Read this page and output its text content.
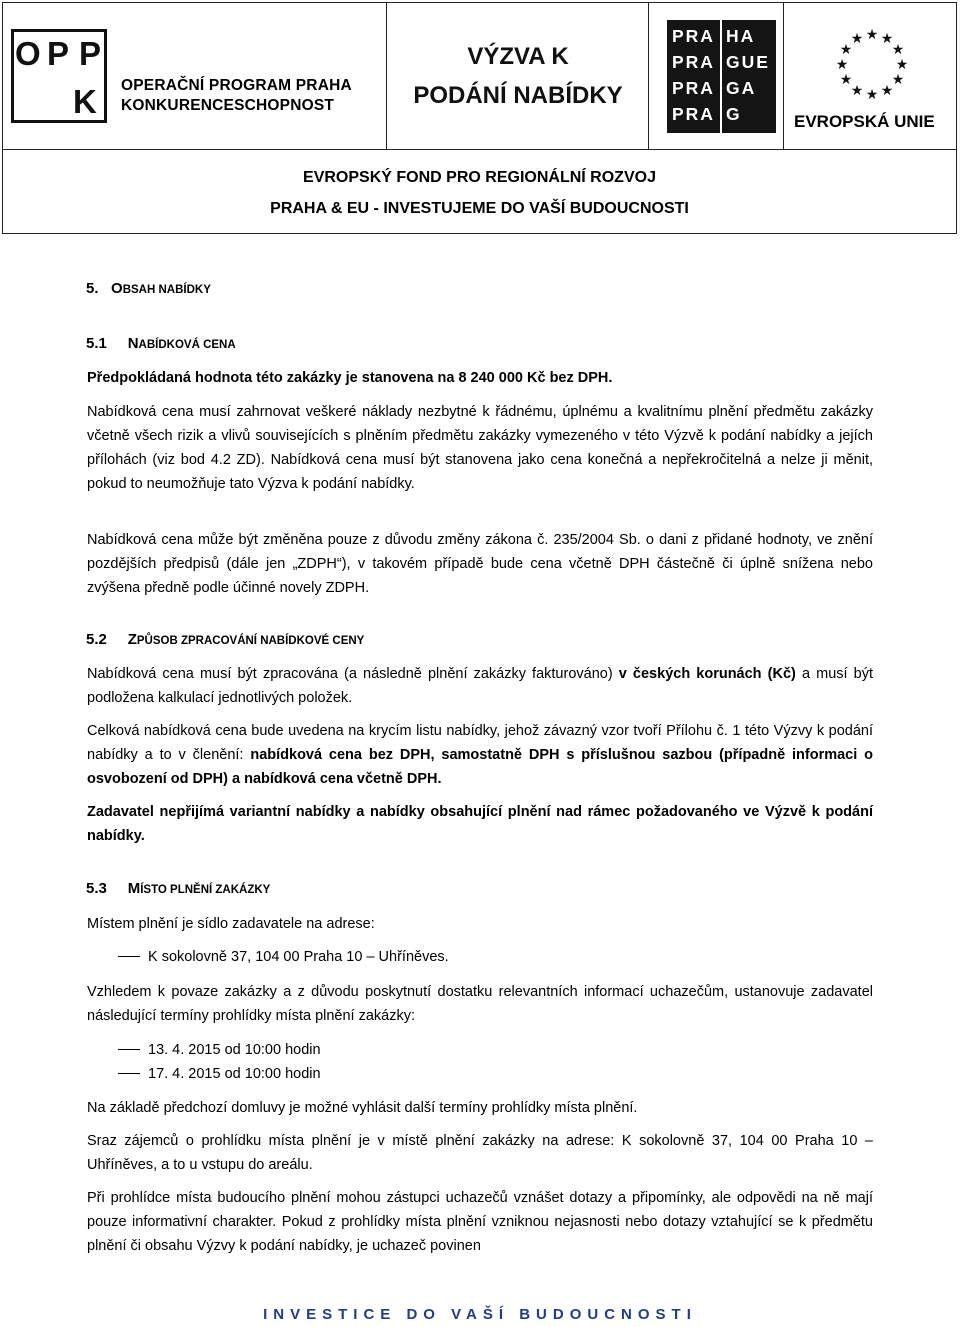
O P P
K OPERAČNÍ PROGRAM PRAHA
KONKURENCESCHOPNOST
VÝZVA K
PODÁNÍ NABÍDKY
PRA
PRA
PRA
PRA
HA
GUE
GA
G
★ ★
★
★
★
★
★
★
★
★
★
★
EVROPSKÁ UNIE
EVROPSKÝ FOND PRO REGIONÁLNÍ ROZVOJ
PRAHA & EU - INVESTUJEME DO VAŠÍ BUDOUCNOSTI
5. OBSAH NABÍDKY
5.1 NABÍDKOVÁ CENA
Předpokládaná hodnota této zakázky je stanovena na 8 240 000 Kč bez DPH.
Nabídková cena musí zahrnovat veškeré náklady nezbytné k řádnému, úplnému a kvalitnímu plnění předmětu zakázky včetně všech rizik a vlivů souvisejících s plněním předmětu zakázky vymezeného v této Výzvě k podání nabídky a jejích přílohách (viz bod 4.2 ZD). Nabídková cena musí být stanovena jako cena konečná a nepřekročitelná a nelze ji měnit, pokud to neumožňuje tato Výzva k podání nabídky.
Nabídková cena může být změněna pouze z důvodu změny zákona č. 235/2004 Sb. o dani z přidané hodnoty, ve znění pozdějších předpisů (dále jen „ZDPH“), v takovém případě bude cena včetně DPH částečně či úplně snížena nebo zvýšena předně podle účinné novely ZDPH.
5.2 ZPŮSOB ZPRACOVÁNÍ NABÍDKOVÉ CENY
Nabídková cena musí být zpracována (a následně plnění zakázky fakturováno) v českých korunách (Kč) a musí být podložena kalkulací jednotlivých položek.
Celková nabídková cena bude uvedena na krycím listu nabídky, jehož závazný vzor tvoří Přílohu č. 1 této Výzvy k podání nabídky a to v členění: nabídková cena bez DPH, samostatně DPH s příslušnou sazbou (případně informaci o osvobození od DPH) a nabídková cena včetně DPH.
Zadavatel nepřijímá variantní nabídky a nabídky obsahující plnění nad rámec požadovaného ve Výzvě k podání nabídky.
5.3 MÍSTO PLNĚNÍ ZAKÁZKY
Místem plnění je sídlo zadavatele na adrese:
K sokolovně 37, 104 00 Praha 10 – Uhříněves.
Vzhledem k povaze zakázky a z důvodu poskytnutí dostatku relevantních informací uchazečům, ustanovuje zadavatel následující termíny prohlídky místa plnění zakázky:
13. 4. 2015 od 10:00 hodin
17. 4. 2015 od 10:00 hodin
Na základě předchozí domluvy je možné vyhlásit další termíny prohlídky místa plnění.
Sraz zájemců o prohlídku místa plnění je v místě plnění zakázky na adrese: K sokolovně 37, 104 00 Praha 10 – Uhříněves, a to u vstupu do areálu.
Při prohlídce místa budoucího plnění mohou zástupci uchazečů vznášet dotazy a připomínky, ale odpovědi na ně mají pouze informativní charakter. Pokud z prohlídky místa plnění vzniknou nejasnosti nebo dotazy vztahující se k předmětu plnění či obsahu Výzvy k podání nabídky, je uchazeč povinen
INVESTICE DO VAŠÍ BUDOUCNOSTI
